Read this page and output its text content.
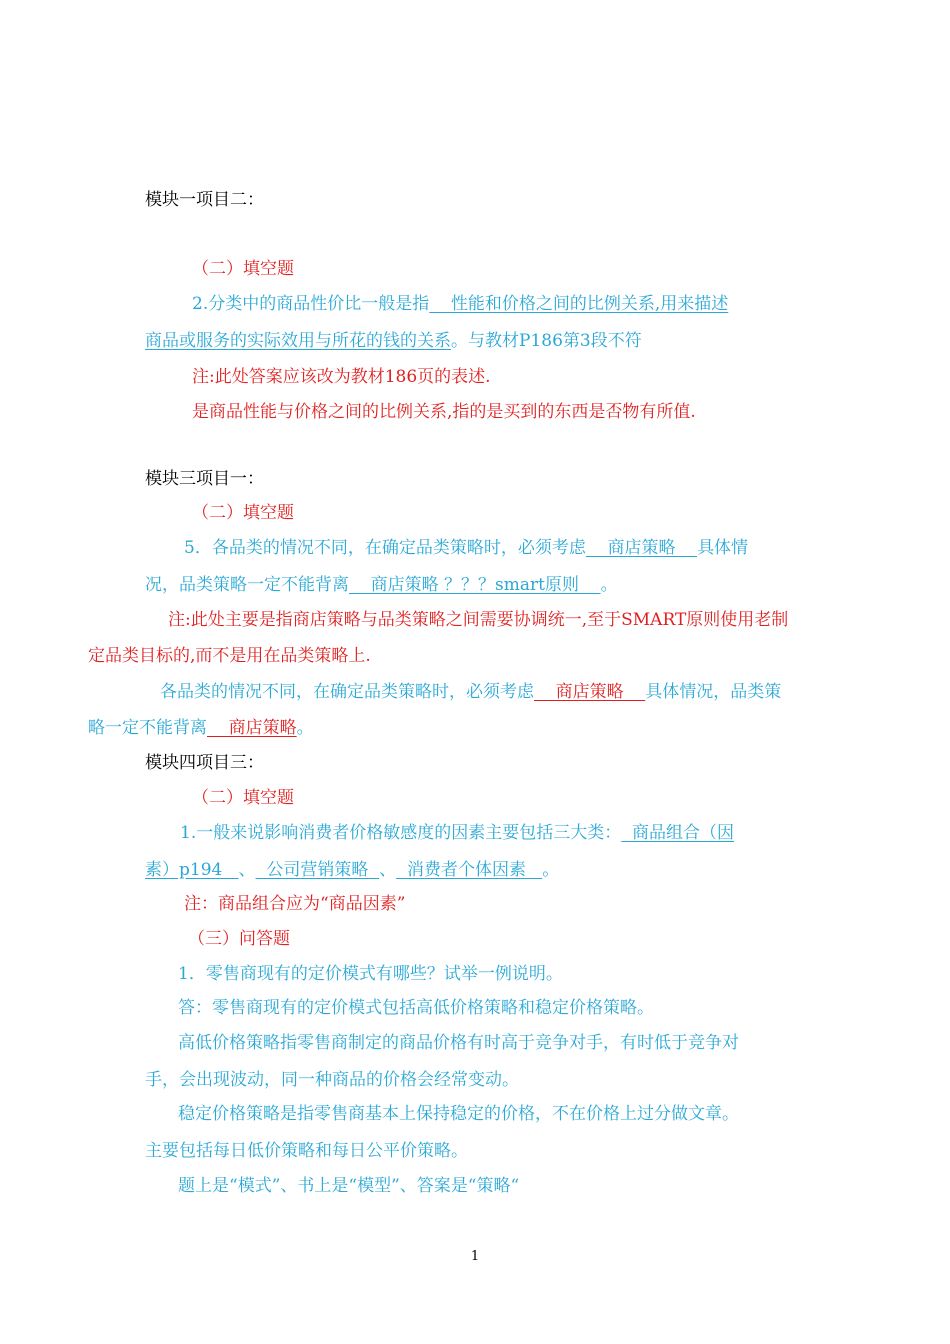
模块一项目二：
（二）填空题
2.分类中的商品性价比一般是指    性能和价格之间的比例关系,用来描述
商品或服务的实际效用与所花的钱的关系。与教材P186第3段不符
注:此处答案应该改为教材186页的表述.
是商品性能与价格之间的比例关系,指的是买到的东西是否物有所值.
模块三项目一：
（二）填空题
5．各品类的情况不同，在确定品类策略时，必须考虑    商店策略    具体情
况，品类策略一定不能背离    商店策略 ？？？smart原则    。
注:此处主要是指商店策略与品类策略之间需要协调统一,至于SMART原则使用老制
定品类目标的,而不是用在品类策略上.
各品类的情况不同，在确定品类策略时，必须考虑    商店策略    具体情况，品类策
略一定不能背离    商店策略。
模块四项目三：
（二）填空题
1.一般来说影响消费者价格敏感度的因素主要包括三大类：  商品组合（因
素）p194   、  公司营销策略  、  消费者个体因素   。
注：商品组合应为“商品因素”
（三）问答题
1．零售商现有的定价模式有哪些？试举一例说明。
答：零售商现有的定价模式包括高低价格策略和稳定价格策略。
高低价格策略指零售商制定的商品价格有时高于竞争对手，有时低于竞争对
手，会出现波动，同一种商品的价格会经常变动。
稳定价格策略是指零售商基本上保持稳定的价格，不在价格上过分做文章。
主要包括每日低价策略和每日公平价策略。
题上是“模式”、书上是“模型”、答案是“策略“
1
